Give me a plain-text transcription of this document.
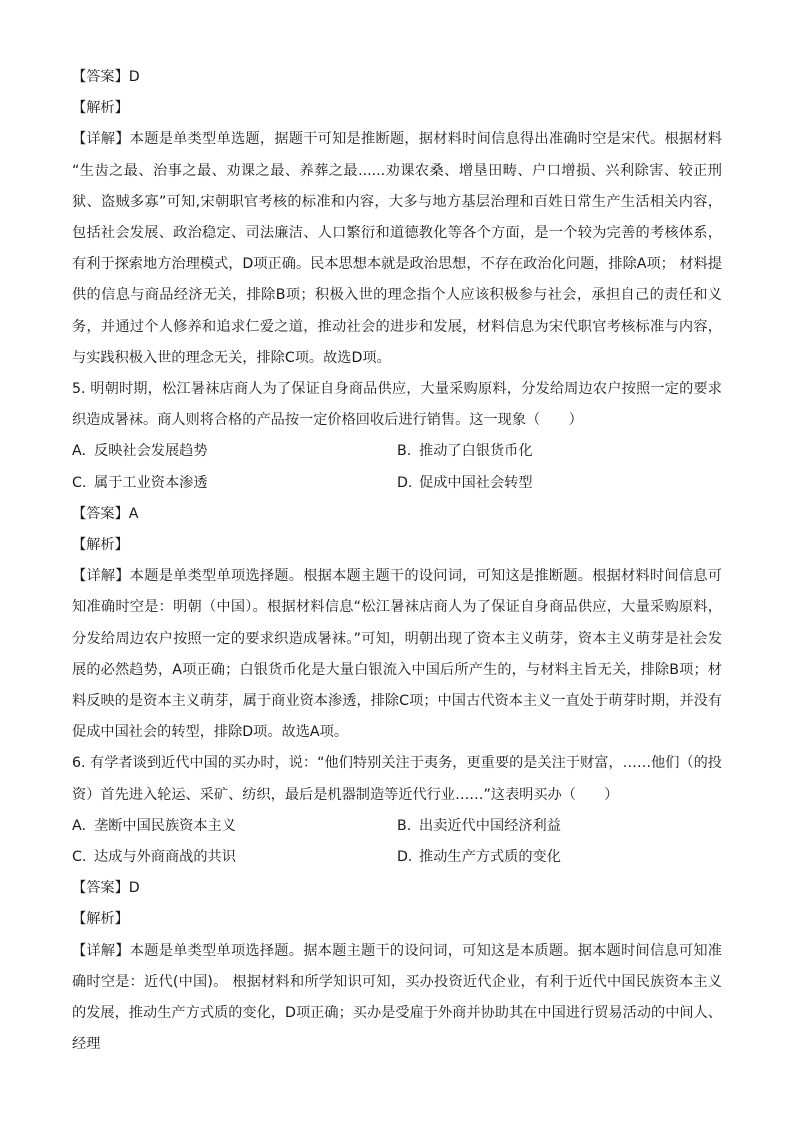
【答案】D
【解析】
【详解】本题是单类型单选题，据题干可知是推断题，据材料时间信息得出准确时空是宋代。根据材料 “生齿之最、治事之最、劝课之最、养葬之最......劝课农桑、增垦田畴、户口增损、兴利除害、较正刑狱、盗贼多寡”可知,宋朝职官考核的标准和内容，大多与地方基层治理和百姓日常生产生活相关内容，包括社会发展、政治稳定、司法廉洁、人口繁衍和道德教化等各个方面，是一个较为完善的考核体系，有利于探索地方治理模式，D项正确。民本思想本就是政治思想，不存在政治化问题，排除A项； 材料提供的信息与商品经济无关，排除B项；积极入世的理念指个人应该积极参与社会，承担自己的责任和义务，并通过个人修养和追求仁爱之道，推动社会的进步和发展，材料信息为宋代职官考核标准与内容，与实践积极入世的理念无关，排除C项。故选D项。
5. 明朝时期，松江暑袜店商人为了保证自身商品供应，大量采购原料，分发给周边农户按照一定的要求织造成暑袜。商人则将合格的产品按一定价格回收后进行销售。这一现象（　　）
A. 反映社会发展趋势	B. 推动了白银货币化
C. 属于工业资本渗透	D. 促成中国社会转型
【答案】A
【解析】
【详解】本题是单类型单项选择题。根据本题主题干的设问词，可知这是推断题。根据材料时间信息可知准确时空是：明朝（中国）。根据材料信息“松江暑袜店商人为了保证自身商品供应，大量采购原料，分发给周边农户按照一定的要求织造成暑袜。”可知，明朝出现了资本主义萌芽，资本主义萌芽是社会发展的必然趋势，A项正确；白银货币化是大量白银流入中国后所产生的，与材料主旨无关，排除B项；材料反映的是资本主义萌芽，属于商业资本渗透，排除C项；中国古代资本主义一直处于萌芽时期，并没有促成中国社会的转型，排除D项。故选A项。
6. 有学者谈到近代中国的买办时，说：“他们特别关注于夷务，更重要的是关注于财富，……他们（的投资）首先进入轮运、采矿、纺织，最后是机器制造等近代行业……”这表明买办（　　）
A. 垄断中国民族资本主义	B. 出卖近代中国经济利益
C. 达成与外商商战的共识	D. 推动生产方式质的变化
【答案】D
【解析】
【详解】本题是单类型单项选择题。据本题主题干的设问词，可知这是本质题。据本题时间信息可知准确时空是：近代(中国)。 根据材料和所学知识可知，买办投资近代企业，有利于近代中国民族资本主义的发展，推动生产方式质的变化，D项正确；买办是受雇于外商并协助其在中国进行贸易活动的中间人、经理
